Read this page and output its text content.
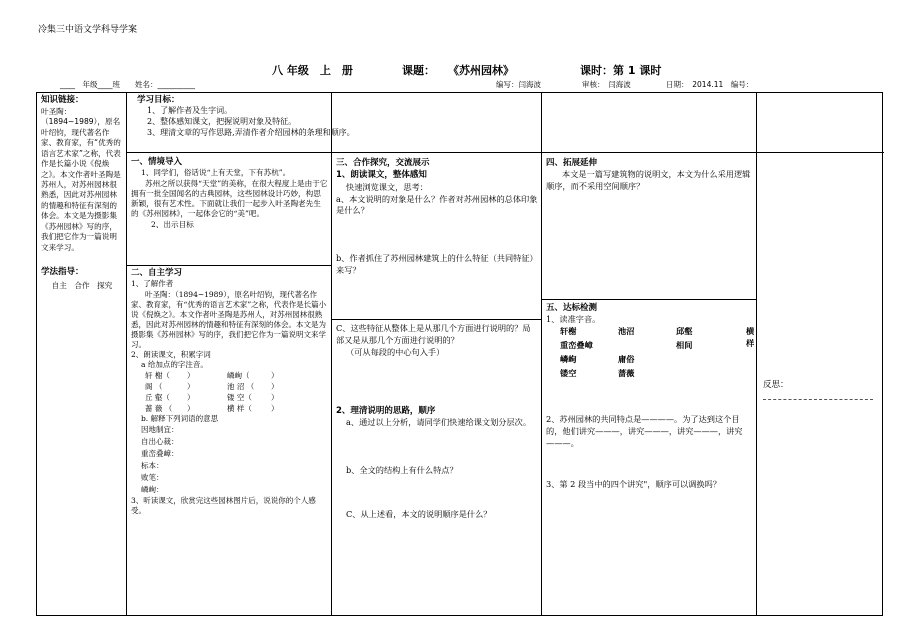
冷集三中语文学科导学案
八 年级　上　册	课题： 《苏州园林》	课时：第 1 课时
____　年级____班　　姓名：__________	编写：闫海波	审核：　闫海波	日期：　2014.11　编号：

知识链接：

叶圣陶：（1894~1989），原名叶绍钧，现代著名作家、教育家，有“优秀的语言艺术家”之称，代表作是长篇小说《倪焕之》。本文作者叶圣陶是苏州人，对苏州园林很熟悉，因此对苏州园林的情趣和特征有深刻的体会。本文是为摄影集《苏州园林》写的序，我们把它作为一篇说明文来学习。

学法指导：

自主　合作　探究

学习目标：

1、了解作者及生字词。

2、整体感知课文，把握说明对象及特征。

3、理清文章的写作思路,弄清作者介绍园林的条理和顺序。

一、情境导入

1、同学们，俗话说“上有天堂，下有苏杭”。

苏州之所以获得“天堂”的美称，在很大程度上是由于它拥有一批全国闻名的古典园林，这些园林设计巧妙，构思新颖，很有艺术性。下面就让我们一起步入叶圣陶老先生的《苏州园林》，一起体会它的“美”吧。

2、出示目标

二、自主学习

1、了解作者

叶圣陶：（1894~1989），原名叶绍钧，现代著名作家、教育家，有“优秀的语言艺术家”之称，代表作是长篇小说《倪焕之》。本文作者叶圣陶是苏州人，对苏州园林很熟悉，因此对苏州园林的情趣和特征有深刻的体会。本文是为摄影集《苏州园林》写的序，我们把它作为一篇说明文来学习。

2、朗读课文，积累字词

a 给加点的字注音。

轩 榭（	）	嶙峋（	）
阁 （	）	池 沼 （	）
丘 壑（	）	镂 空（	）
蔷 薇 （	）	横 样（	）

b. 解释下列词语的意思

因地制宜：

自出心裁：

重峦叠嶂：

标本：

败笔：

嶙峋：

3、听读课文，欣赏完这些园林图片后，说说你的个人感受。

三、合作探究，交流展示

1、朗读课文，整体感知

快速浏览课文，思考：

a、本文说明的对象是什么？作者对苏州园林的总体印象是什么？

b、作者抓住了苏州园林建筑上的什么特征（共同特征）来写？

C、这些特征从整体上是从那几个方面进行说明的？局部又是从那几个方面进行说明的？

（可从每段的中心句入手）

2、理清说明的思路，顺序

a、通过以上分析，请同学们快速给课文划分层次。

b、全文的结构上有什么特点？

C、从上述看，本文的说明顺序是什么？

四、拓展延伸

本文是一篇写建筑物的说明文，本文为什么采用逻辑顺序，而不采用空间顺序？

五、达标检测

1、读准字音。

轩榭	池沼	邱壑	横样
重峦叠嶂	相间
嶙峋	庸俗
镂空	蔷薇

2、苏州园林的共同特点是————。为了达到这个目的，他们讲究———，讲究———，讲究———，讲究———。

3、第 2 段当中的四个讲究"，顺序可以调换吗？

反思：
